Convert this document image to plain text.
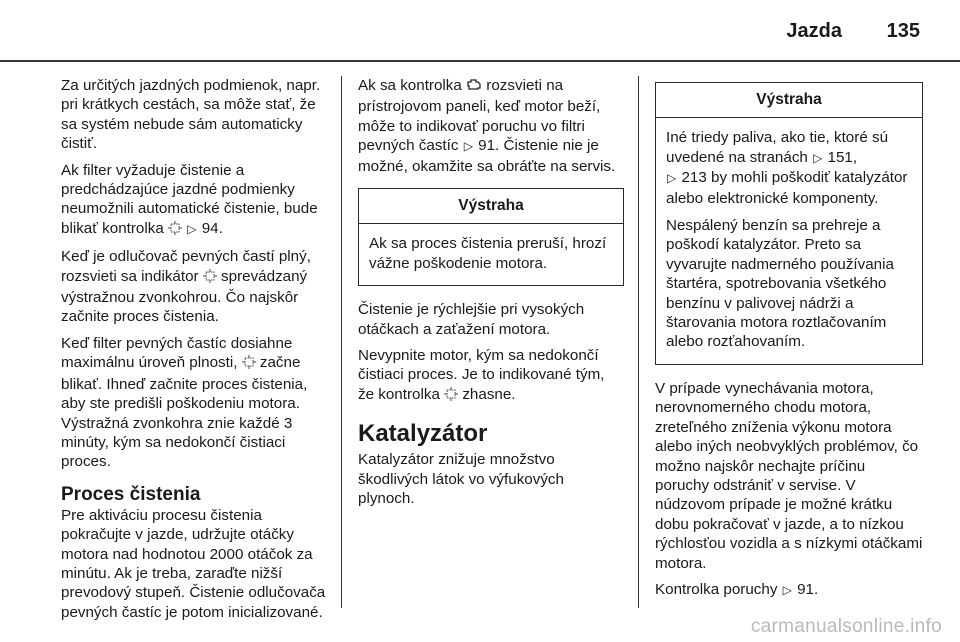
Jazda 135

Za určitých jazdných podmienok, napr. pri krátkych cestách, sa môže stať, že sa systém nebude sám automaticky čistiť.

Ak filter vyžaduje čistenie a predchádzajúce jazdné podmienky neumožnili automatické čistenie, bude blikať kontrolka  ▷ 94.

Keď je odlučovač pevných častí plný, rozsvieti sa indikátor  sprevádzaný výstražnou zvonkohrou. Čo najskôr začnite proces čistenia.

Keď filter pevných častíc dosiahne maximálnu úroveň plnosti,  začne blikať. Ihneď začnite proces čistenia, aby ste predišli poškodeniu motora. Výstražná zvonkohra znie každé 3 minúty, kým sa nedokončí čistiaci proces.

Proces čistenia

Pre aktiváciu procesu čistenia pokračujte v jazde, udržujte otáčky motora nad hodnotou 2000 otáčok za minútu. Ak je treba, zaraďte nižší prevodový stupeň. Čistenie odlučovača pevných častíc je potom inicializované.

Ak sa kontrolka  rozsvieti na prístrojovom paneli, keď motor beží, môže to indikovať poruchu vo filtri pevných častíc ▷ 91. Čistenie nie je možné, okamžite sa obráťte na servis.

Výstraha

Ak sa proces čistenia preruší, hrozí vážne poškodenie motora.

Čistenie je rýchlejšie pri vysokých otáčkach a zaťažení motora.

Nevypnite motor, kým sa nedokončí čistiaci proces. Je to indikované tým, že kontrolka  zhasne.

Katalyzátor

Katalyzátor znižuje množstvo škodlivých látok vo výfukových plynoch.

Výstraha

Iné triedy paliva, ako tie, ktoré sú uvedené na stranách ▷ 151,
▷ 213 by mohli poškodiť katalyzátor alebo elektronické komponenty.

Nespálený benzín sa prehreje a poškodí katalyzátor. Preto sa vyvarujte nadmerného používania štartéra, spotrebovania všetkého benzínu v palivovej nádrži a štarovania motora roztlačovaním alebo rozťahovaním.

V prípade vynechávania motora, nerovnomerného chodu motora, zreteľného zníženia výkonu motora alebo iných neobvyklých problémov, čo možno najskôr nechajte príčinu poruchy odstrániť v servise. V núdzovom prípade je možné krátku dobu pokračovať v jazde, a to nízkou rýchlosťou vozidla a s nízkymi otáčkami motora.

Kontrolka poruchy ▷ 91.

carmanualsonline.info
